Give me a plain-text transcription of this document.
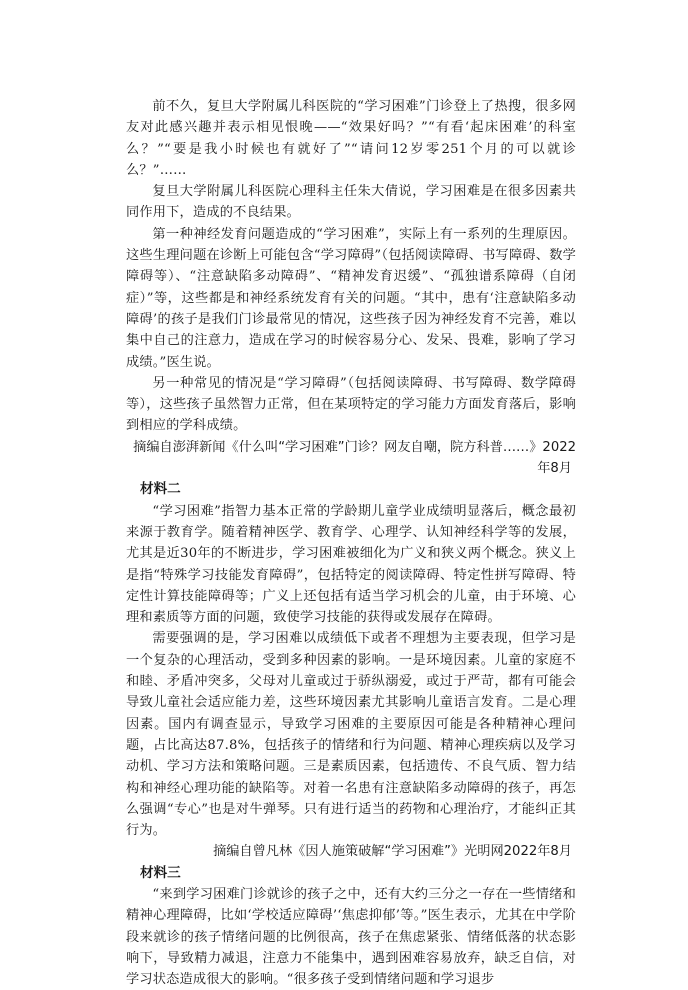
前不久，复旦大学附属儿科医院的“学习困难”门诊登上了热搜，很多网友对此感兴趣并表示相见恨晚——“效果好吗？”“有看‘起床困难’的科室么？”“要是我小时候也有就好了”“请问12岁零251个月的可以就诊么？”……

复旦大学附属儿科医院心理科主任朱大倩说，学习困难是在很多因素共同作用下，造成的不良结果。

第一种神经发育问题造成的“学习困难”，实际上有一系列的生理原因。这些生理问题在诊断上可能包含“学习障碍”（包括阅读障碍、书写障碍、数学障碍等）、“注意缺陷多动障碍”、“精神发育迟缓”、“孤独谱系障碍（自闭症）”等，这些都是和神经系统发育有关的问题。“其中，患有‘注意缺陷多动障碍’的孩子是我们门诊最常见的情况，这些孩子因为神经发育不完善，难以集中自己的注意力，造成在学习的时候容易分心、发呆、畏难，影响了学习成绩。”医生说。

另一种常见的情况是“学习障碍”（包括阅读障碍、书写障碍、数学障碍等），这些孩子虽然智力正常，但在某项特定的学习能力方面发育落后，影响到相应的学科成绩。

摘编自澎湃新闻《什么叫“学习困难”门诊？网友自嘲，院方科普……》2022

年8月

材料二

“学习困难”指智力基本正常的学龄期儿童学业成绩明显落后，概念最初来源于教育学。随着精神医学、教育学、心理学、认知神经科学等的发展，尤其是近30年的不断进步，学习困难被细化为广义和狭义两个概念。狭义上是指“特殊学习技能发育障碍”，包括特定的阅读障碍、特定性拼写障碍、特定性计算技能障碍等；广义上还包括有适当学习机会的儿童，由于环境、心理和素质等方面的问题，致使学习技能的获得或发展存在障碍。

需要强调的是，学习困难以成绩低下或者不理想为主要表现，但学习是一个复杂的心理活动，受到多种因素的影响。一是环境因素。儿童的家庭不和睦、矛盾冲突多，父母对儿童或过于骄纵溺爱，或过于严苛，都有可能会导致儿童社会适应能力差，这些环境因素尤其影响儿童语言发育。二是心理因素。国内有调查显示，导致学习困难的主要原因可能是各种精神心理问题，占比高达87.8%，包括孩子的情绪和行为问题、精神心理疾病以及学习动机、学习方法和策略问题。三是素质因素，包括遗传、不良气质、智力结构和神经心理功能的缺陷等。对着一名患有注意缺陷多动障碍的孩子，再怎么强调“专心”也是对牛弹琴。只有进行适当的药物和心理治疗，才能纠正其行为。

摘编自曾凡林《因人施策破解“学习困难”》光明网2022年8月

材料三

“来到学习困难门诊就诊的孩子之中，还有大约三分之一存在一些情绪和精神心理障碍，比如‘学校适应障碍’‘焦虑抑郁’等。”医生表示，尤其在中学阶段来就诊的孩子情绪问题的比例很高，孩子在焦虑紧张、情绪低落的状态影响下，导致精力减退，注意力不能集中，遇到困难容易放弃，缺乏自信，对学习状态造成很大的影响。“很多孩子受到情绪问题和学习退步
